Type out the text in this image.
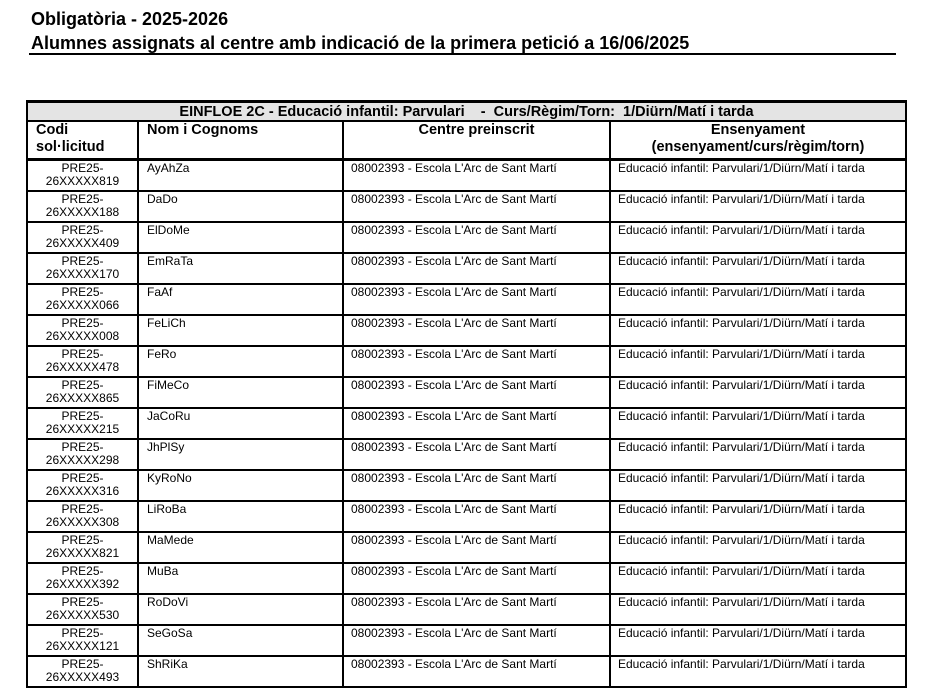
Obligatòria - 2025-2026
Alumnes assignats al centre amb indicació de la primera petició a 16/06/2025

EINFLOE 2C - Educació infantil: Parvulari    -  Curs/Règim/Torn:  1/Diürn/Matí i tarda			

Codi
sol·licitud	Nom i Cognoms	Centre preinscrit	Ensenyament
(ensenyament/curs/règim/torn)

PRE25-
26XXXXX819	AyAhZa	08002393 - Escola L'Arc de Sant Martí	Educació infantil: Parvulari/1/Diürn/Matí i tarda

PRE25-
26XXXXX188	DaDo	08002393 - Escola L'Arc de Sant Martí	Educació infantil: Parvulari/1/Diürn/Matí i tarda

PRE25-
26XXXXX409	ElDoMe	08002393 - Escola L'Arc de Sant Martí	Educació infantil: Parvulari/1/Diürn/Matí i tarda

PRE25-
26XXXXX170	EmRaTa	08002393 - Escola L'Arc de Sant Martí	Educació infantil: Parvulari/1/Diürn/Matí i tarda

PRE25-
26XXXXX066	FaAf	08002393 - Escola L'Arc de Sant Martí	Educació infantil: Parvulari/1/Diürn/Matí i tarda

PRE25-
26XXXXX008	FeLiCh	08002393 - Escola L'Arc de Sant Martí	Educació infantil: Parvulari/1/Diürn/Matí i tarda

PRE25-
26XXXXX478	FeRo	08002393 - Escola L'Arc de Sant Martí	Educació infantil: Parvulari/1/Diürn/Matí i tarda

PRE25-
26XXXXX865	FiMeCo	08002393 - Escola L'Arc de Sant Martí	Educació infantil: Parvulari/1/Diürn/Matí i tarda

PRE25-
26XXXXX215	JaCoRu	08002393 - Escola L'Arc de Sant Martí	Educació infantil: Parvulari/1/Diürn/Matí i tarda

PRE25-
26XXXXX298	JhPlSy	08002393 - Escola L'Arc de Sant Martí	Educació infantil: Parvulari/1/Diürn/Matí i tarda

PRE25-
26XXXXX316	KyRoNo	08002393 - Escola L'Arc de Sant Martí	Educació infantil: Parvulari/1/Diürn/Matí i tarda

PRE25-
26XXXXX308	LiRoBa	08002393 - Escola L'Arc de Sant Martí	Educació infantil: Parvulari/1/Diürn/Matí i tarda

PRE25-
26XXXXX821	MaMede	08002393 - Escola L'Arc de Sant Martí	Educació infantil: Parvulari/1/Diürn/Matí i tarda

PRE25-
26XXXXX392	MuBa	08002393 - Escola L'Arc de Sant Martí	Educació infantil: Parvulari/1/Diürn/Matí i tarda

PRE25-
26XXXXX530	RoDoVi	08002393 - Escola L'Arc de Sant Martí	Educació infantil: Parvulari/1/Diürn/Matí i tarda

PRE25-
26XXXXX121	SeGoSa	08002393 - Escola L'Arc de Sant Martí	Educació infantil: Parvulari/1/Diürn/Matí i tarda

PRE25-
26XXXXX493	ShRiKa	08002393 - Escola L'Arc de Sant Martí	Educació infantil: Parvulari/1/Diürn/Matí i tarda
